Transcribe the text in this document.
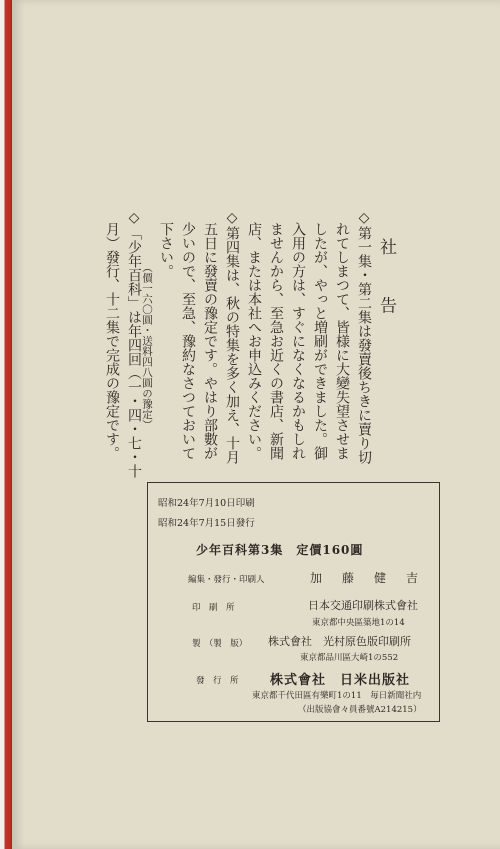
社 告
◇第一集・第二集は發賣後ちきに賣り切
れてしまつて、皆様に大變失望させま
したが、やっと増刷ができました。御
入用の方は、すぐになくなるかもしれ
ませんから、至急お近くの書店、新聞
店、または本社へお申込みください。
◇第四集は、秋の特集を多く加え、十月
五日に發賣の豫定です。やはり部數が
少いので、至急、豫約なさつておいて
下さい。
（價一六〇圓・送料四八圓の豫定）
◇「少年百科」は年四回（一・四・七・十
月）發行、十二集で完成の豫定です。
昭和24年7月10日印刷
昭和24年7月15日發行
少年百科第3集　定價160圓
編集・發行・印刷人	加　藤　健　吉
印　刷　所	日本交通印刷株式會社
東京都中央區築地1の14
製　（製　版） 株式會社　光村原色版印刷所
東京都品川區大崎1の552
發　行　所 株式會社　日米出版社
東京都千代田區有樂町1の11　毎日新聞社内
（出版協會々員番號A214215）
